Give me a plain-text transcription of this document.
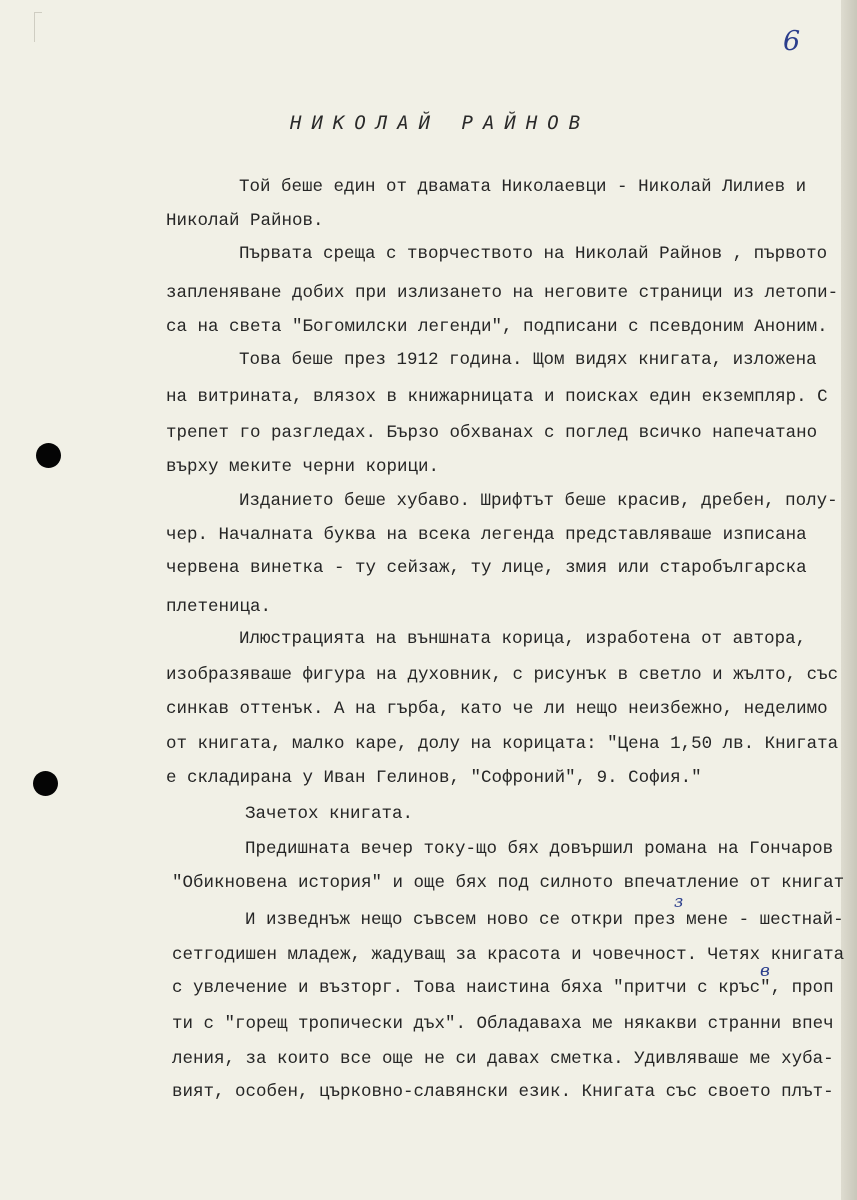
6
НИКОЛАЙ РАЙНОВ
Той беше един от двамата Николаевци - Николай Лилиев и
Николай Райнов.
Първата среща с творчеството на Николай Райнов , първото
запленяване добих при излизането на неговите страници из летопи-
са на света "Богомилски легенди", подписани с псевдоним Аноним.
Това беше през 1912 година. Щом видях книгата, изложена
на витрината, влязох в книжарницата и поисках един екземпляр. С
трепет го разгледах. Бързо обхванах с поглед всичко напечатано
върху меките черни корици.
Изданието беше хубаво. Шрифтът беше красив, дребен, полу-
чер. Началната буква на всека легенда представляваше изписана
червена винетка - ту сейзаж, ту лице, змия или старобългарска
плетеница.
Илюстрацията на външната корица, изработена от автора,
изобразяваше фигура на духовник, с рисунък в светло и жълто, със
синкав оттенък. А на гърба, като че ли нещо неизбежно, неделимо
от книгата, малко каре, долу на корицата: "Цена 1,50 лв. Книгата
е складирана у Иван Гелинов, "Софроний", 9. София."
Зачетох книгата.
Предишната вечер току-що бях довършил романа на Гончаров
"Обикновена история" и още бях под силното впечатление от книгат
И изведнъж нещо съвсем ново се откри през мене - шестнай-
сетгодишен младеж, жадуващ за красота и човечност. Четях книгата
с увлечение и възторг. Това наистина бяха "притчи с кръс", проп
ти с "горещ тропически дъх". Обладаваха ме някакви странни впеч
ления, за които все още не си давах сметка. Удивляваше ме хуба-
вият, особен, църковно-славянски език. Книгата със своето плът-
з
в
